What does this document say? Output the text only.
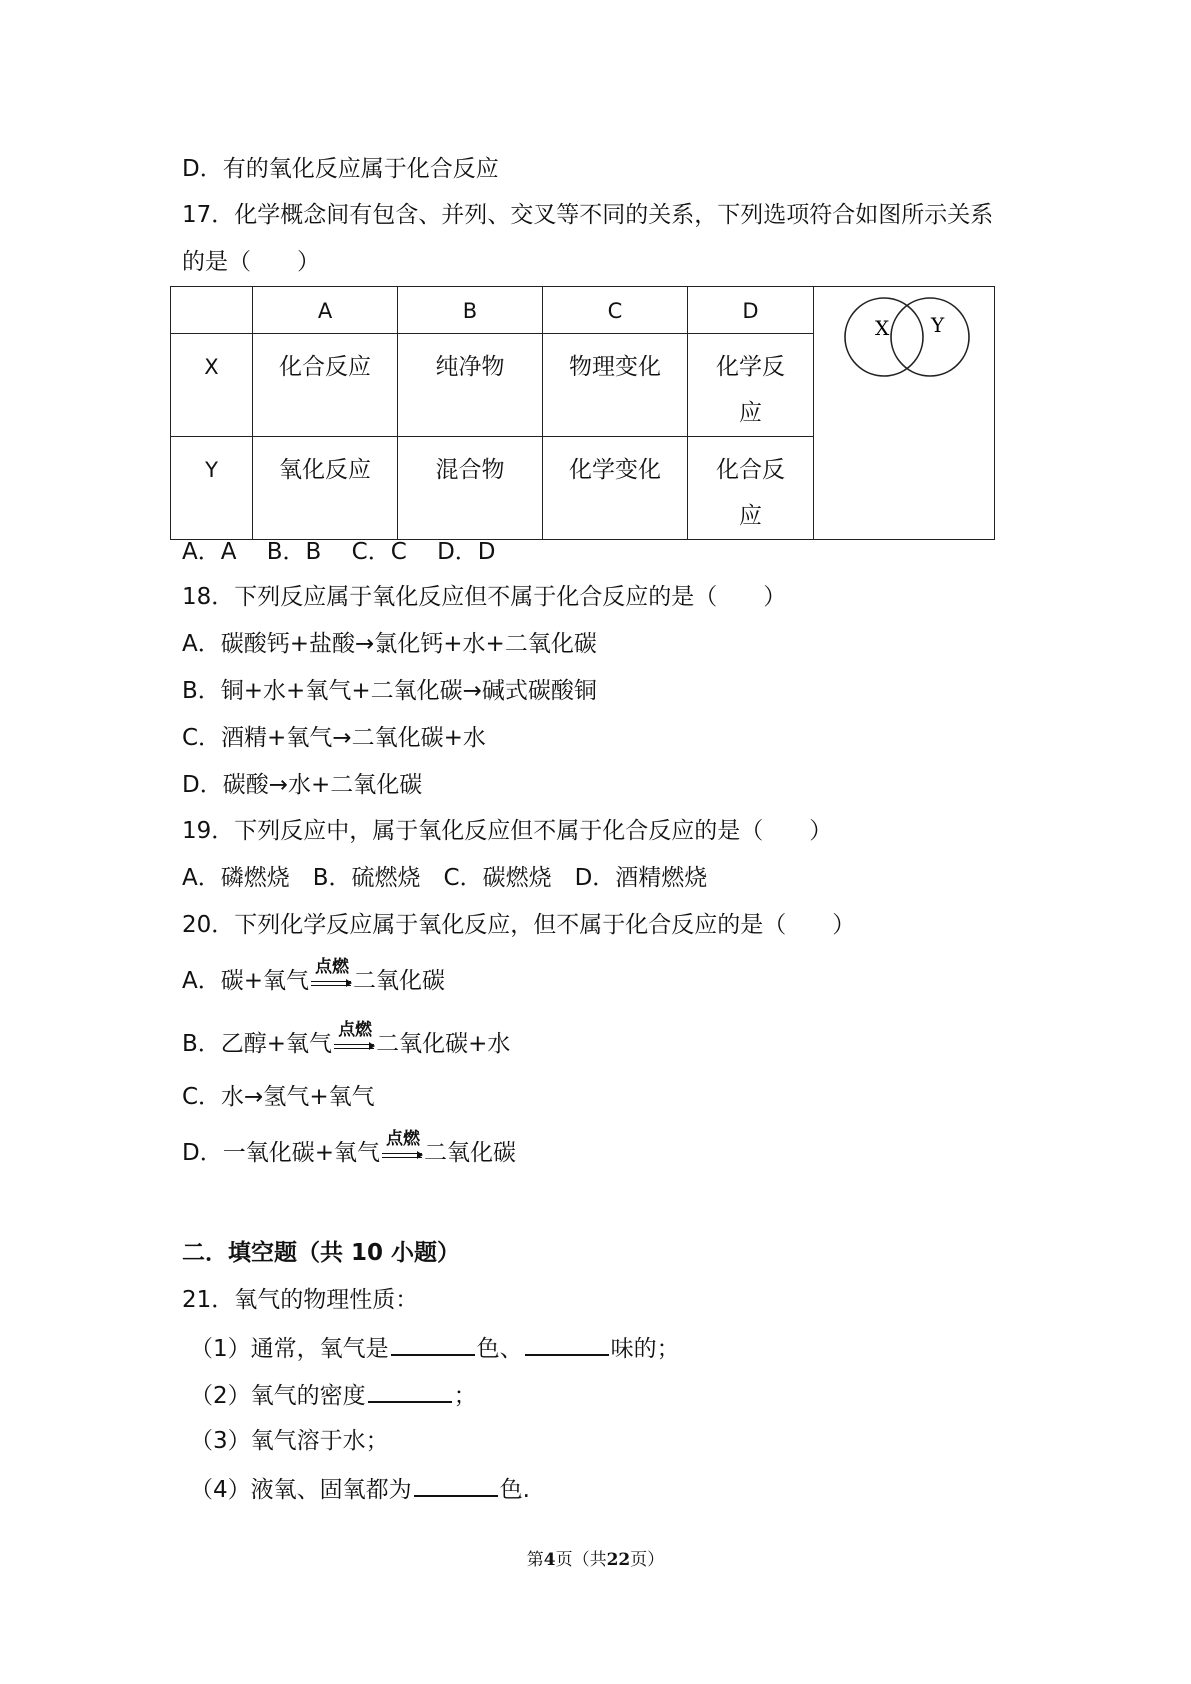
D．有的氧化反应属于化合反应
17．化学概念间有包含、并列、交叉等不同的关系，下列选项符合如图所示关系
的是（　　）
	A	B	C	D	X Y

X	化合反应	纯净物	物理变化	化学反
应	
Y	氧化反应	混合物	化学变化	化合反
应	
A．A　 B．B　 C．C　 D．D
18．下列反应属于氧化反应但不属于化合反应的是（　　）
A．碳酸钙+盐酸→氯化钙+水+二氧化碳
B．铜+水+氧气+二氧化碳→碱式碳酸铜
C．酒精+氧气→二氧化碳+水
D．碳酸→水+二氧化碳
19．下列反应中，属于氧化反应但不属于化合反应的是（　　）
A．磷燃烧　B．硫燃烧　C．碳燃烧　D．酒精燃烧
20．下列化学反应属于氧化反应，但不属于化合反应的是（　　）
A．碳+氧气
点燃
二氧化碳
B．乙醇+氧气
点燃
二氧化碳+水
C．水→氢气+氧气
D．一氧化碳+氧气
点燃
二氧化碳
二．填空题（共 10 小题）
21．氧气的物理性质：
（1）通常，氧气是	色、	味的；
（2）氧气的密度	；
（3）氧气溶于水；
（4）液氧、固氧都为	色.
第4页（共22页）
